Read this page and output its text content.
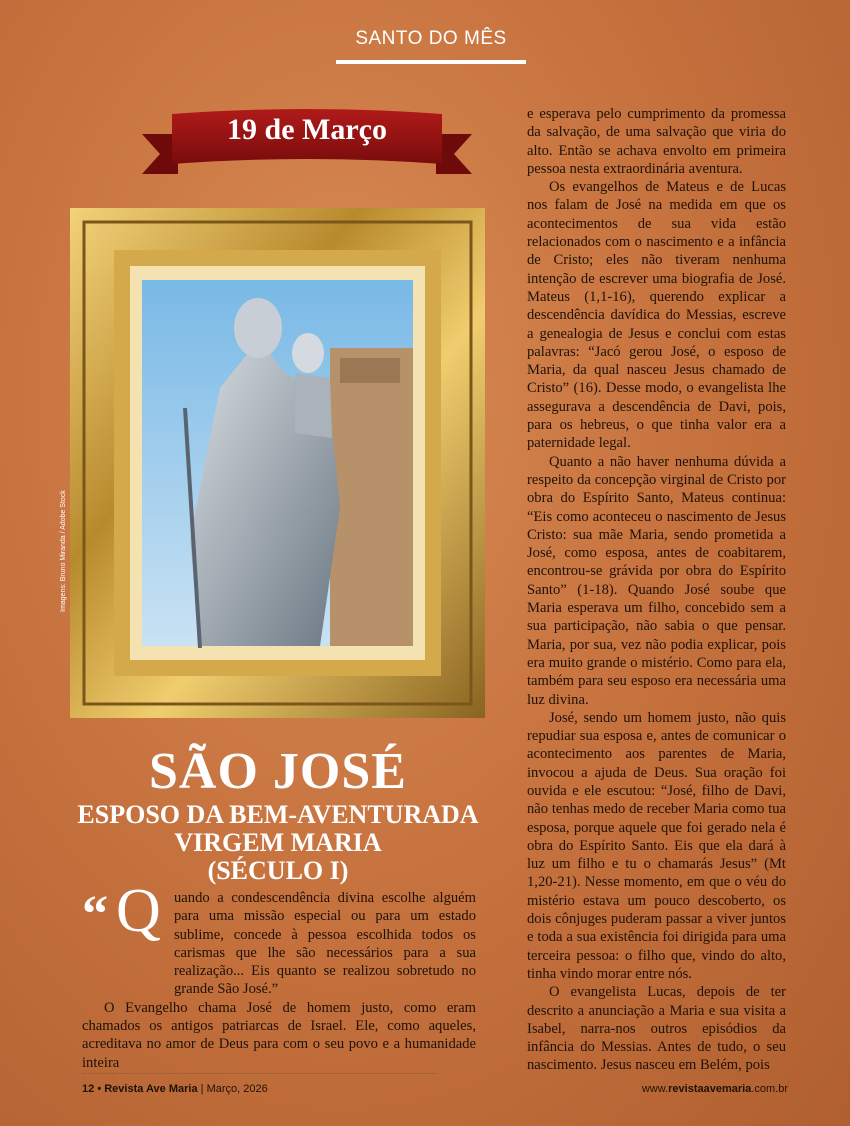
SANTO DO MÊS
19 de Março
Imagens: Bruno Miranda / Adobe Stock
SÃO JOSÉ
ESPOSO DA BEM-AVENTURADA
VIRGEM MARIA
(SÉCULO I)
“ Q uando a condescendência divina escolhe alguém para uma missão especial ou para um estado sublime, concede à pessoa escolhida todos os carismas que lhe são necessários para a sua realização... Eis quanto se realizou sobretudo no grande São José.”

O Evangelho chama José de homem justo, como eram chamados os antigos patriarcas de Israel. Ele, como aqueles, acreditava no amor de Deus para com o seu povo e a humanidade inteira

e esperava pelo cumprimento da promessa da salvação, de uma salvação que viria do alto. Então se achava envolto em primeira pessoa nesta extraordinária aventura.

Os evangelhos de Mateus e de Lucas nos falam de José na medida em que os acontecimentos de sua vida estão relacionados com o nascimento e a infância de Cristo; eles não tiveram nenhuma intenção de escrever uma biografia de José. Mateus (1,1-16), querendo explicar a descendência davídica do Messias, escreve a genealogia de Jesus e conclui com estas palavras: “Jacó gerou José, o esposo de Maria, da qual nasceu Jesus chamado de Cristo” (16). Desse modo, o evangelista lhe assegurava a descendência de Davi, pois, para os hebreus, o que tinha valor era a paternidade legal.

Quanto a não haver nenhuma dúvida a respeito da concepção virginal de Cristo por obra do Espírito Santo, Mateus continua: “Eis como aconteceu o nascimento de Jesus Cristo: sua mãe Maria, sendo prometida a José, como esposa, antes de coabitarem, encontrou-se grávida por obra do Espírito Santo” (1-18). Quando José soube que Maria esperava um filho, concebido sem a sua participação, não sabia o que pensar. Maria, por sua, vez não podia explicar, pois era muito grande o mistério. Como para ela, também para seu esposo era necessária uma luz divina.

José, sendo um homem justo, não quis repudiar sua esposa e, antes de comunicar o acontecimento aos parentes de Maria, invocou a ajuda de Deus. Sua oração foi ouvida e ele escutou: “José, filho de Davi, não tenhas medo de receber Maria como tua esposa, porque aquele que foi gerado nela é obra do Espírito Santo. Eis que ela dará à luz um filho e tu o chamarás Jesus” (Mt 1,20-21). Nesse momento, em que o véu do mistério estava um pouco descoberto, os dois cônjuges puderam passar a viver juntos e toda a sua existência foi dirigida para uma terceira pessoa: o filho que, vindo do alto, tinha vindo morar entre nós.

O evangelista Lucas, depois de ter descrito a anunciação a Maria e sua visita a Isabel, narra-nos outros episódios da infância do Messias. Antes de tudo, o seu nascimento. Jesus nasceu em Belém, pois

12 • Revista Ave Maria | Março, 2026	www.revistaavemaria.com.br
